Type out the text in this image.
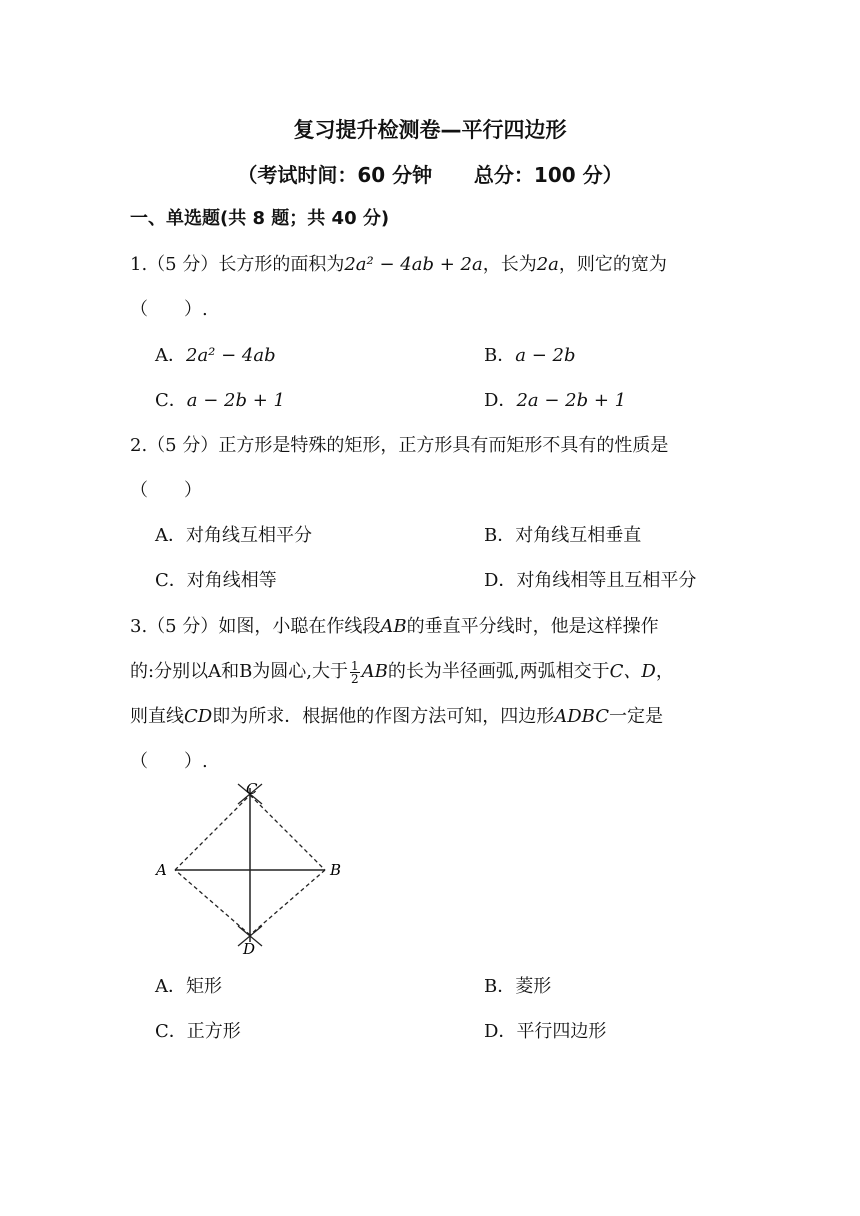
复习提升检测卷—平行四边形
（考试时间：60 分钟      总分：100 分）
一、单选题(共 8 题；共 40 分)
1.（5 分）长方形的面积为2a² − 4ab + 2a，长为2a，则它的宽为
（　　）.
A．2a² − 4ab	B．a − 2b
C．a − 2b + 1	D．2a − 2b + 1
2.（5 分）正方形是特殊的矩形，正方形具有而矩形不具有的性质是
（　　）
A．对角线互相平分	B．对角线互相垂直
C．对角线相等	D．对角线相等且互相平分
3.（5 分）如图，小聪在作线段AB的垂直平分线时，他是这样操作
的:分别以A和B为圆心,大于 $\frac{1}{2}$ AB的长为半径画弧,两弧相交于C、D，
则直线CD即为所求．根据他的作图方法可知，四边形ADBC一定是
（　　）.
A	B
C
D
A．矩形	B．菱形
C．正方形	D．平行四边形
